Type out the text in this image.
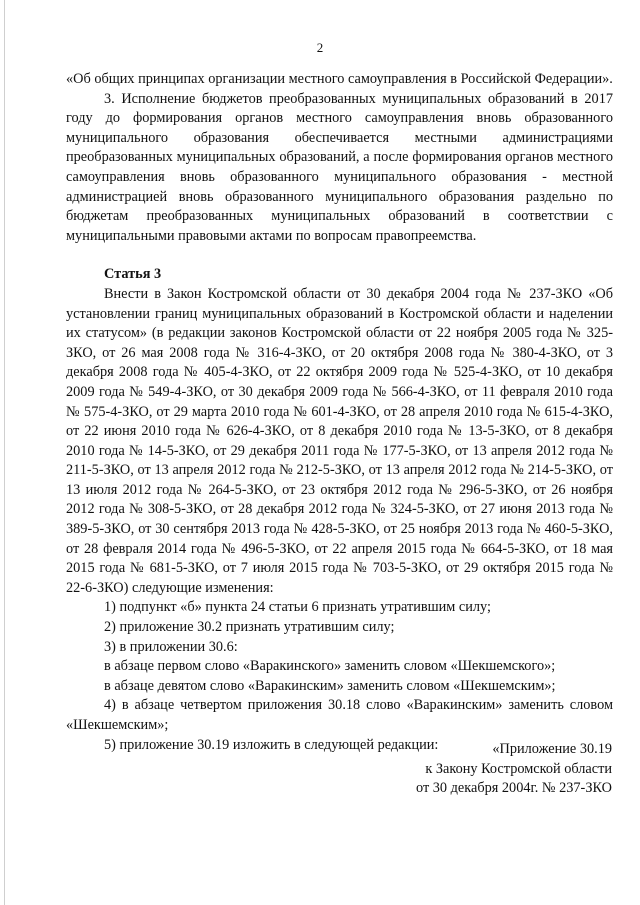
2

«Об общих принципах организации местного самоуправления в Российской Федерации».

3. Исполнение бюджетов преобразованных муниципальных образований в 2017 году до формирования органов местного самоуправления вновь образованного муниципального образования обеспечивается местными администрациями преобразованных муниципальных образований, а после формирования органов местного самоуправления вновь образованного муниципального образования - местной администрацией вновь образованного муниципального образования раздельно по бюджетам преобразованных муниципальных образований в соответствии с муниципальными правовыми актами по вопросам правопреемства.

Статья 3

Внести в Закон Костромской области от 30 декабря 2004 года № 237-ЗКО «Об установлении границ муниципальных образований в Костромской области и наделении их статусом» (в редакции законов Костромской области от 22 ноября 2005 года № 325-ЗКО, от 26 мая 2008 года № 316-4-ЗКО, от 20 октября 2008 года № 380-4-ЗКО, от 3 декабря 2008 года № 405-4-ЗКО, от 22 октября 2009 года № 525-4-ЗКО, от 10 декабря 2009 года № 549-4-ЗКО, от 30 декабря 2009 года № 566-4-ЗКО, от 11 февраля 2010 года № 575-4-ЗКО, от 29 марта 2010 года № 601-4-ЗКО, от 28 апреля 2010 года № 615-4-ЗКО, от 22 июня 2010 года № 626-4-ЗКО, от 8 декабря 2010 года № 13-5-ЗКО, от 8 декабря 2010 года № 14-5-ЗКО, от 29 декабря 2011 года № 177-5-ЗКО, от 13 апреля 2012 года № 211-5-ЗКО, от 13 апреля 2012 года № 212-5-ЗКО, от 13 апреля 2012 года № 214-5-ЗКО, от 13 июля 2012 года № 264-5-ЗКО, от 23 октября 2012 года № 296-5-ЗКО, от 26 ноября 2012 года № 308-5-ЗКО, от 28 декабря 2012 года № 324-5-ЗКО, от 27 июня 2013 года № 389-5-ЗКО, от 30 сентября 2013 года № 428-5-ЗКО, от 25 ноября 2013 года № 460-5-ЗКО, от 28 февраля 2014 года № 496-5-ЗКО, от 22 апреля 2015 года № 664-5-ЗКО, от 18 мая 2015 года № 681-5-ЗКО, от 7 июля 2015 года № 703-5-ЗКО, от 29 октября 2015 года № 22-6-ЗКО) следующие изменения:

1) подпункт «б» пункта 24 статьи 6 признать утратившим силу;

2) приложение 30.2 признать утратившим силу;

3) в приложении 30.6:

в абзаце первом слово «Варакинского» заменить словом «Шекшемского»;

в абзаце девятом слово «Варакинским» заменить словом «Шекшемским»;

4) в абзаце четвертом приложения 30.18 слово «Варакинским» заменить словом «Шекшемским»;

5) приложение 30.19 изложить в следующей редакции:	«Приложение 30.19
к Закону Костромской области
от 30 декабря 2004г. № 237-ЗКО
